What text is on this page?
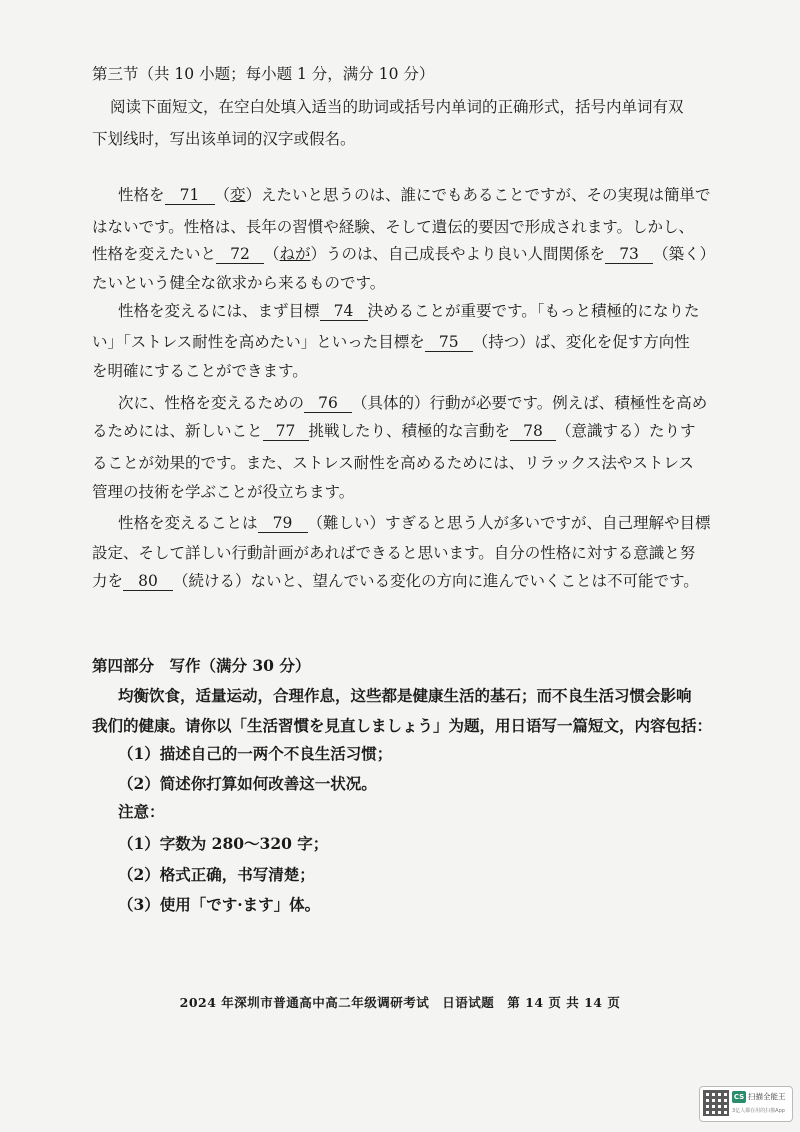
第三节（共 10 小题；每小题 1 分，满分 10 分）
阅读下面短文，在空白处填入适当的助词或括号内单词的正确形式，括号内单词有双
下划线时，写出该单词的汉字或假名。
性格を 71 （変）えたいと思うのは、誰にでもあることですが、その実現は簡単で
はないです。性格は、長年の習慣や経験、そして遺伝的要因で形成されます。しかし、
性格を変えたいと 72 （ねが）うのは、自己成長やより良い人間関係を 73 （築く）
たいという健全な欲求から来るものです。
性格を変えるには、まず目標 74 決めることが重要です。「もっと積極的になりた
い」「ストレス耐性を高めたい」といった目標を 75 （持つ）ば、変化を促す方向性
を明確にすることができます。
次に、性格を変えるための 76 （具体的）行動が必要です。例えば、積極性を高め
るためには、新しいこと 77 挑戦したり、積極的な言動を 78 （意識する）たりす
ることが効果的です。また、ストレス耐性を高めるためには、リラックス法やストレス
管理の技術を学ぶことが役立ちます。
性格を変えることは 79 （難しい）すぎると思う人が多いですが、自己理解や目標
設定、そして詳しい行動計画があればできると思います。自分の性格に対する意識と努
力を 80 （続ける）ないと、望んでいる変化の方向に進んでいくことは不可能です。
第四部分　写作（满分 30 分）
均衡饮食，适量运动，合理作息，这些都是健康生活的基石；而不良生活习惯会影响
我们的健康。请你以「生活習慣を見直しましょう」为题，用日语写一篇短文，内容包括：
（1）描述自己的一两个不良生活习惯；
（2）简述你打算如何改善这一状况。
注意：
（1）字数为 280～320 字；
（2）格式正确，书写清楚；
（3）使用「です·ます」体。
2024 年深圳市普通高中高二年级调研考试　日语试题　第 14 页 共 14 页
CS 扫描全能王
3亿人都在用的扫描App
